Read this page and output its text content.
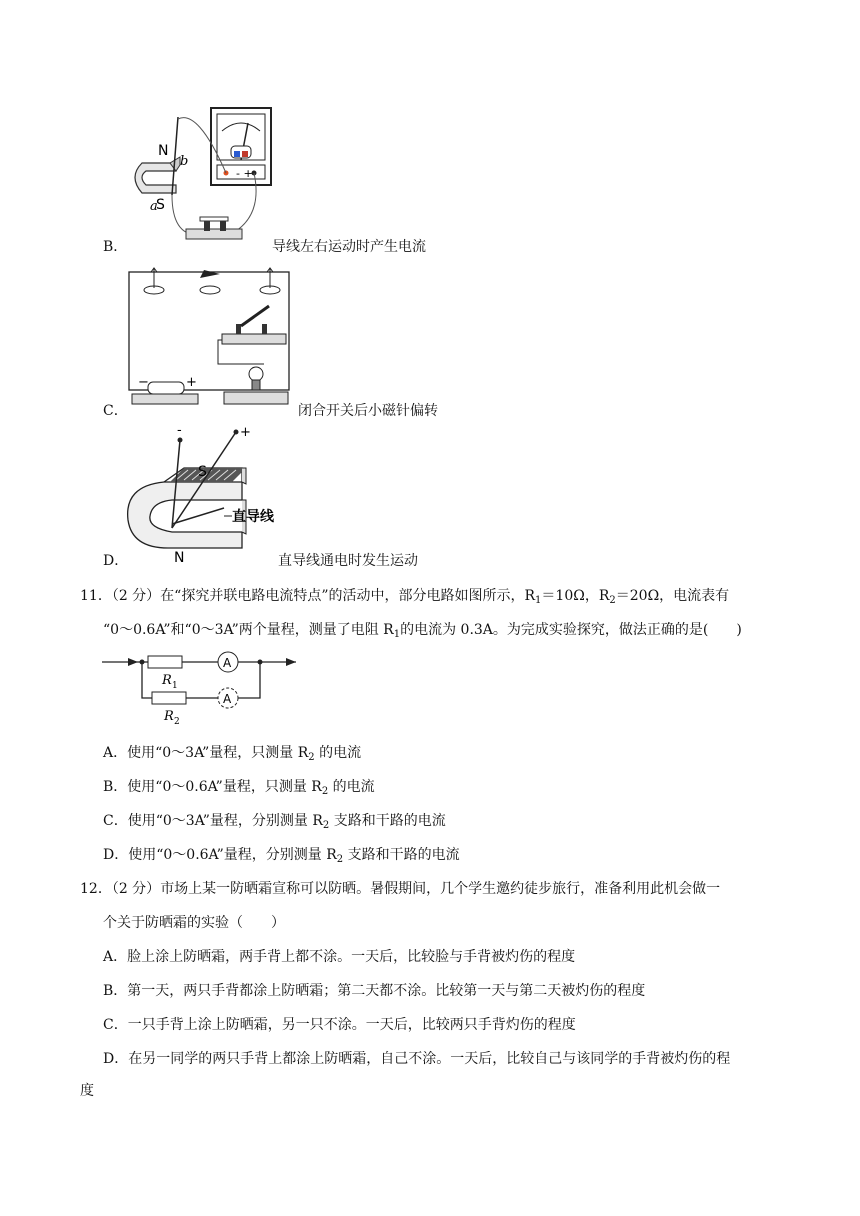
- +
N
a
b
S
B．	导线左右运动时产生电流
−	+
C．	闭合开关后小磁针偏转
-	+
S
N
直导线
D．	直导线通电时发生运动
11．（2 分）在“探究并联电路电流特点”的活动中，部分电路如图所示，$R_1=10\Omega$，$R_2=20\Omega$，电流表有
“0～0.6A”和“0～3A”两个量程，测量了电阻 $R_1$的电流为 0.3A。为完成实验探究，做法正确的是(　　)
A
A
R 1
R 2
A．使用“0～3A”量程，只测量 $R_2$ 的电流
B．使用“0～0.6A”量程，只测量 $R_2$ 的电流
C．使用“0～3A”量程，分别测量 $R_2$ 支路和干路的电流
D．使用“0～0.6A”量程，分别测量 $R_2$ 支路和干路的电流
12．（2 分）市场上某一防晒霜宣称可以防晒。暑假期间，几个学生邀约徒步旅行，准备利用此机会做一
个关于防晒霜的实验（　　）
A．脸上涂上防晒霜，两手背上都不涂。一天后，比较脸与手背被灼伤的程度
B．第一天，两只手背都涂上防晒霜；第二天都不涂。比较第一天与第二天被灼伤的程度
C．一只手背上涂上防晒霜，另一只不涂。一天后，比较两只手背灼伤的程度
D．在另一同学的两只手背上都涂上防晒霜，自己不涂。一天后，比较自己与该同学的手背被灼伤的程
度
